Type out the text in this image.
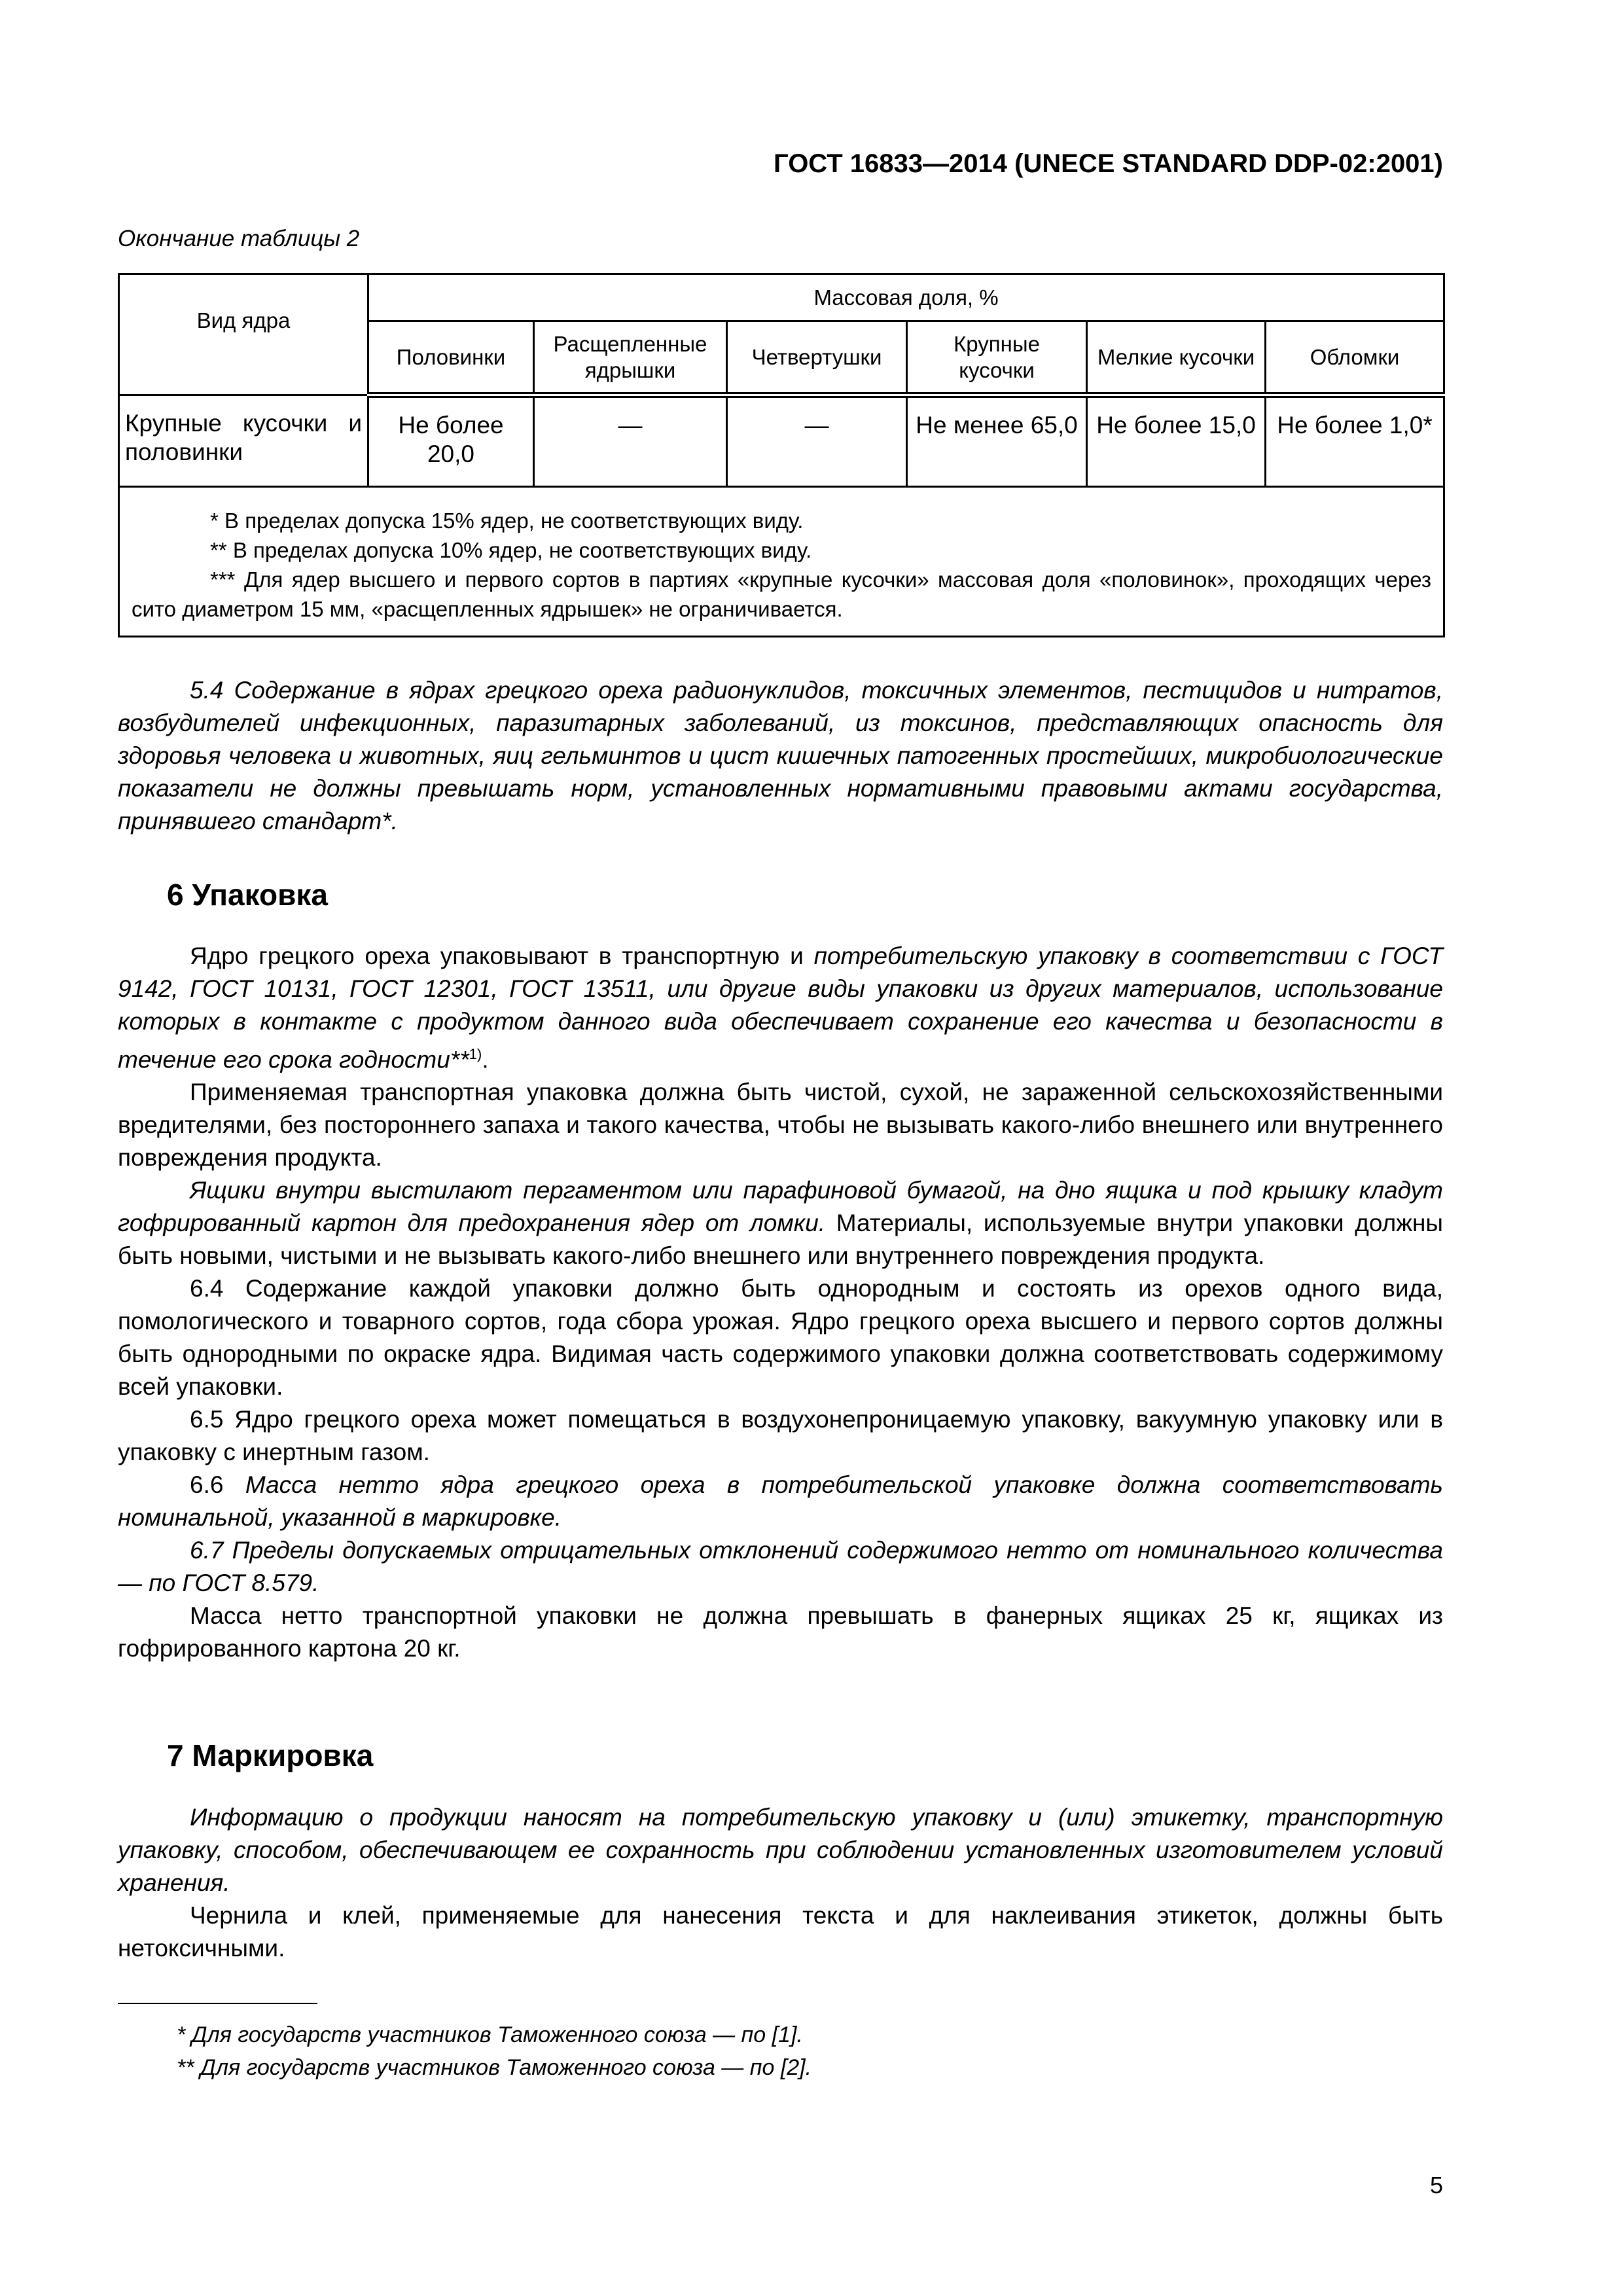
ГОСТ 16833—2014 (UNECE STANDARD DDP-02:2001)
Окончание таблицы 2
Вид ядра	Массовая доля, %					
	Половинки	Расщепленные ядрышки	Четвертушки	Крупные кусочки	Мелкие кусочки	Обломки
Крупные кусочки и половинки	Не более 20,0	—	—	Не менее 65,0	Не более 15,0	Не более 1,0*

* В пределах допуска 15% ядер, не соответствующих виду.
** В пределах допуска 10% ядер, не соответствующих виду.
*** Для ядер высшего и первого сортов в партиях «крупные кусочки» массовая доля «половинок», проходящих через сито диаметром 15 мм, «расщепленных ядрышек» не ограничивается.						

5.4 Содержание в ядрах грецкого ореха радионуклидов, токсичных элементов, пестицидов и нитратов, возбудителей инфекционных, паразитарных заболеваний, из токсинов, представляющих опасность для здоровья человека и животных, яиц гельминтов и цист кишечных патогенных простейших, микробиологические показатели не должны превышать норм, установленных нормативными правовыми актами государства, принявшего стандарт*.

6 Упаковка

Ядро грецкого ореха упаковывают в транспортную и потребительскую упаковку в соответствии с ГОСТ 9142, ГОСТ 10131, ГОСТ 12301, ГОСТ 13511, или другие виды упаковки из других материалов, использование которых в контакте с продуктом данного вида обеспечивает сохранение его качества и безопасности в течение его срока годности**$^{1)}$.

Применяемая транспортная упаковка должна быть чистой, сухой, не зараженной сельскохозяйственными вредителями, без постороннего запаха и такого качества, чтобы не вызывать какого-либо внешнего или внутреннего повреждения продукта.

Ящики внутри выстилают пергаментом или парафиновой бумагой, на дно ящика и под крышку кладут гофрированный картон для предохранения ядер от ломки. Материалы, используемые внутри упаковки должны быть новыми, чистыми и не вызывать какого-либо внешнего или внутреннего повреждения продукта.

6.4 Содержание каждой упаковки должно быть однородным и состоять из орехов одного вида, помологического и товарного сортов, года сбора урожая. Ядро грецкого ореха высшего и первого сортов должны быть однородными по окраске ядра. Видимая часть содержимого упаковки должна соответствовать содержимому всей упаковки.

6.5 Ядро грецкого ореха может помещаться в воздухонепроницаемую упаковку, вакуумную упаковку или в упаковку с инертным газом.

6.6 Масса нетто ядра грецкого ореха в потребительской упаковке должна соответствовать номинальной, указанной в маркировке.

6.7 Пределы допускаемых отрицательных отклонений содержимого нетто от номинального количества — по ГОСТ 8.579.

Масса нетто транспортной упаковки не должна превышать в фанерных ящиках 25 кг, ящиках из гофрированного картона 20 кг.

7 Маркировка

Информацию о продукции наносят на потребительскую упаковку и (или) этикетку, транспортную упаковку, способом, обеспечивающем ее сохранность при соблюдении установленных изготовителем условий хранения.

Чернила и клей, применяемые для нанесения текста и для наклеивания этикеток, должны быть нетоксичными.

* Для государств участников Таможенного союза — по [1].
** Для государств участников Таможенного союза — по [2].
5
